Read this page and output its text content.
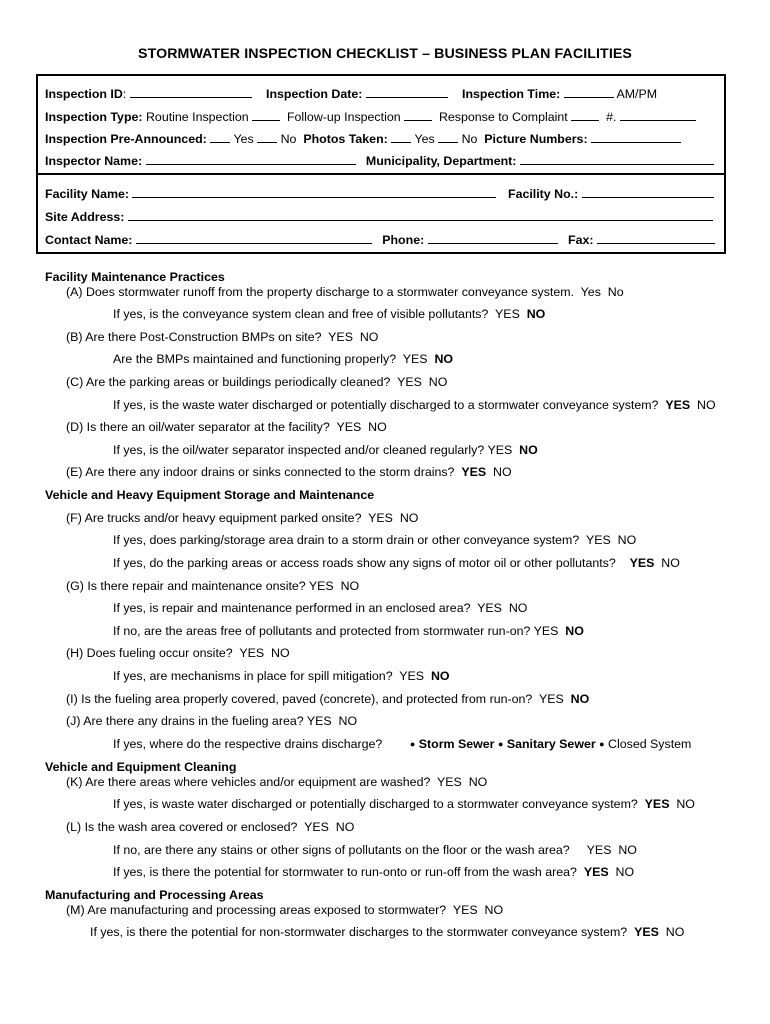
STORMWATER INSPECTION CHECKLIST – BUSINESS PLAN FACILITIES
Inspection ID:	Inspection Date:	Inspection Time:	AM/PM
Inspection Type: Routine Inspection	Follow-up Inspection	Response to Complaint	#.
Inspection Pre-Announced: Yes No Photos Taken: Yes No Picture Numbers:
Inspector Name:	Municipality, Department:
Facility Name:	Facility No.:
Site Address:
Contact Name:	Phone:	Fax:
Facility Maintenance Practices
(A) Does stormwater runoff from the property discharge to a stormwater conveyance system. Yes No
If yes, is the conveyance system clean and free of visible pollutants? YES NO
(B) Are there Post-Construction BMPs on site? YES NO
Are the BMPs maintained and functioning properly? YES NO
(C) Are the parking areas or buildings periodically cleaned? YES NO
If yes, is the waste water discharged or potentially discharged to a stormwater conveyance system? YES NO
(D) Is there an oil/water separator at the facility? YES NO
If yes, is the oil/water separator inspected and/or cleaned regularly? YES NO
(E) Are there any indoor drains or sinks connected to the storm drains? YES NO
Vehicle and Heavy Equipment Storage and Maintenance
(F) Are trucks and/or heavy equipment parked onsite? YES NO
If yes, does parking/storage area drain to a storm drain or other conveyance system? YES NO
If yes, do the parking areas or access roads show any signs of motor oil or other pollutants? YES NO
(G) Is there repair and maintenance onsite? YES NO
If yes, is repair and maintenance performed in an enclosed area? YES NO
If no, are the areas free of pollutants and protected from stormwater run-on? YES NO
(H) Does fueling occur onsite? YES NO
If yes, are mechanisms in place for spill mitigation? YES NO
(I) Is the fueling area properly covered, paved (concrete), and protected from run-on? YES NO
(J) Are there any drains in the fueling area? YES NO
If yes, where do the respective drains discharge?	● Storm Sewer ● Sanitary Sewer ● Closed System
Vehicle and Equipment Cleaning
(K) Are there areas where vehicles and/or equipment are washed? YES NO
If yes, is waste water discharged or potentially discharged to a stormwater conveyance system? YES NO
(L) Is the wash area covered or enclosed? YES NO
If no, are there any stains or other signs of pollutants on the floor or the wash area? YES NO
If yes, is there the potential for stormwater to run-onto or run-off from the wash area? YES NO
Manufacturing and Processing Areas
(M) Are manufacturing and processing areas exposed to stormwater? YES NO
If yes, is there the potential for non-stormwater discharges to the stormwater conveyance system? YES NO
